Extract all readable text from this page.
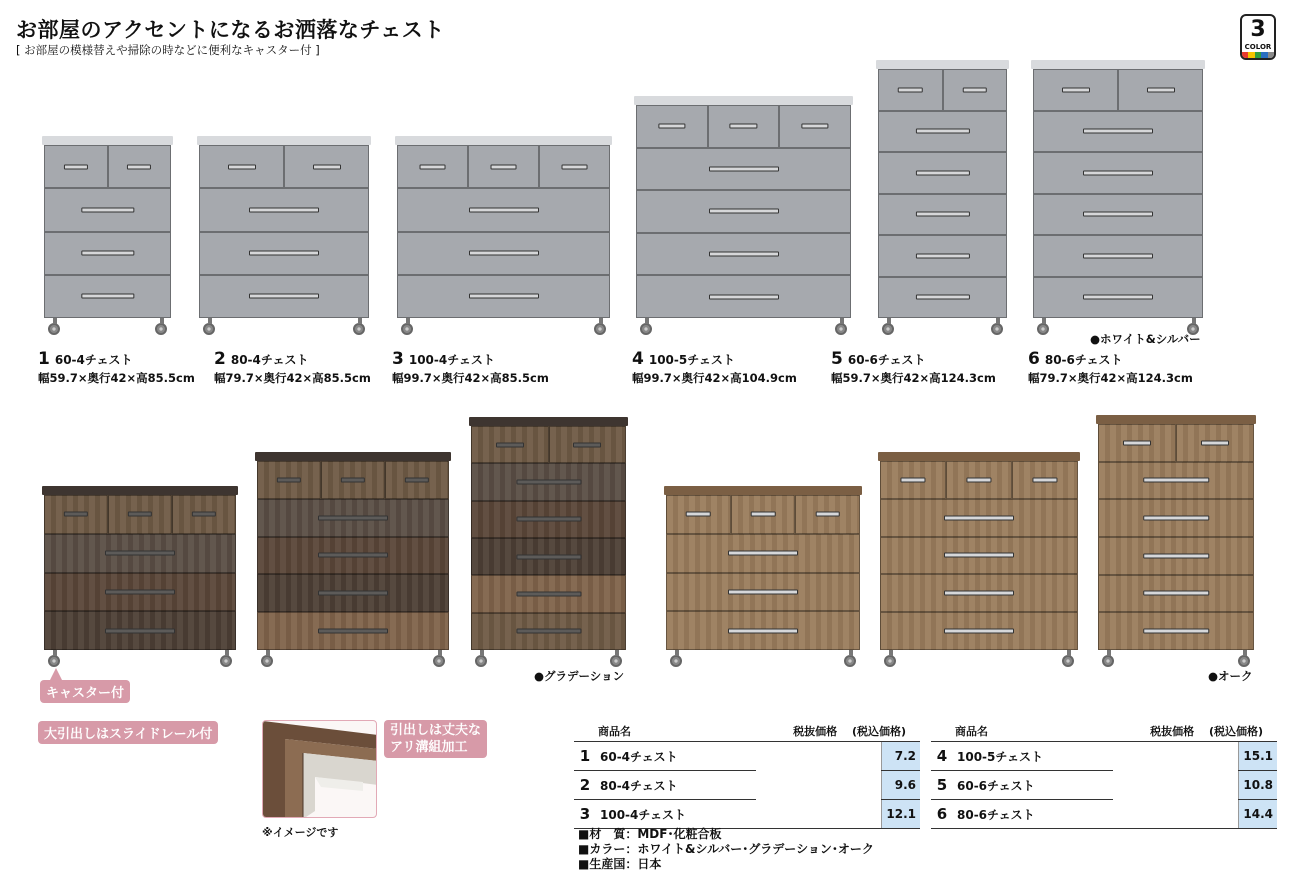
お部屋のアクセントになるお洒落なチェスト
[ お部屋の模様替えや掃除の時などに便利なキャスター付 ]
3
COLOR
●ホワイト&シルバー
1 60-4チェスト
幅59.7×奥行42×高85.5cm
2 80-4チェスト
幅79.7×奥行42×高85.5cm
3 100-4チェスト
幅99.7×奥行42×高85.5cm
4 100-5チェスト
幅99.7×奥行42×高104.9cm
5 60-6チェスト
幅59.7×奥行42×高124.3cm
6 80-6チェスト
幅79.7×奥行42×高124.3cm
●グラデーション	●オーク
キャスター付
大引出しはスライドレール付	引出しは丈夫な
アリ溝組加工
※イメージです
	商品名	税抜価格　 (税込価格)	
1	60-4チェスト		7.2
2	80-4チェスト		9.6
3	100-4チェスト		12.1
	商品名	税抜価格　 (税込価格)	
4	100-5チェスト		15.1
5	60-6チェスト		10.8
6	80-6チェスト		14.4
■材　質：MDF･化粧合板
■カラー：ホワイト&シルバー･グラデーション･オーク
■生産国：日本
